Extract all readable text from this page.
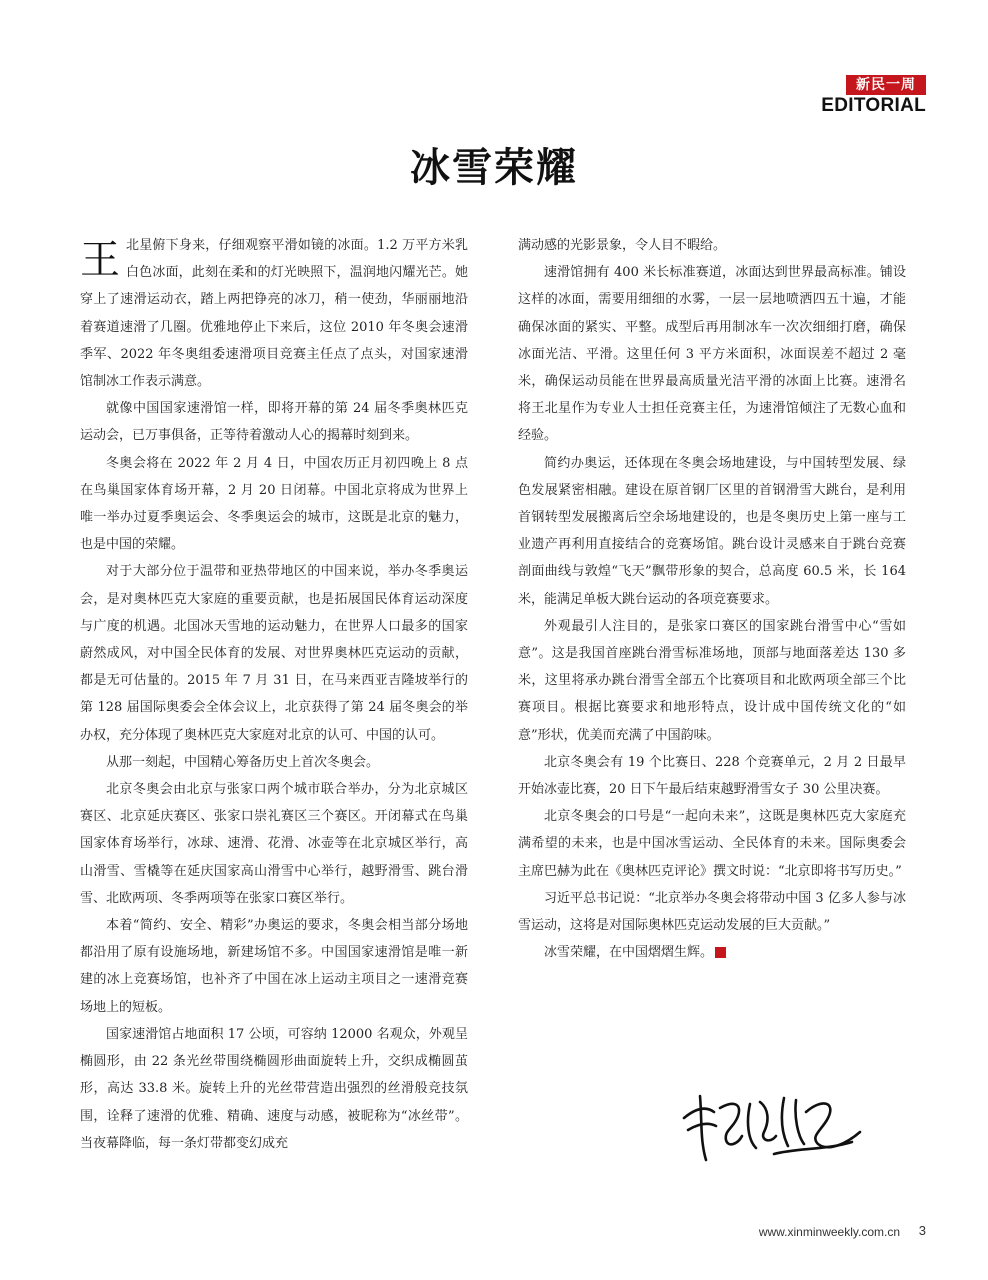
新民一周
EDITORIAL
冰雪荣耀

王 北星俯下身来，仔细观察平滑如镜的冰面。1.2 万平方米乳白色冰面，此刻在柔和的灯光映照下，温润地闪耀光芒。她穿上了速滑运动衣，踏上两把铮亮的冰刀，稍一使劲，华丽丽地沿着赛道速滑了几圈。优雅地停止下来后，这位 2010 年冬奥会速滑季军、2022 年冬奥组委速滑项目竞赛主任点了点头，对国家速滑馆制冰工作表示满意。

就像中国国家速滑馆一样，即将开幕的第 24 届冬季奥林匹克运动会，已万事俱备，正等待着激动人心的揭幕时刻到来。

冬奥会将在 2022 年 2 月 4 日，中国农历正月初四晚上 8 点在鸟巢国家体育场开幕，2 月 20 日闭幕。中国北京将成为世界上唯一举办过夏季奥运会、冬季奥运会的城市，这既是北京的魅力，也是中国的荣耀。

对于大部分位于温带和亚热带地区的中国来说，举办冬季奥运会，是对奥林匹克大家庭的重要贡献，也是拓展国民体育运动深度与广度的机遇。北国冰天雪地的运动魅力，在世界人口最多的国家蔚然成风，对中国全民体育的发展、对世界奥林匹克运动的贡献，都是无可估量的。2015 年 7 月 31 日，在马来西亚吉隆坡举行的第 128 届国际奥委会全体会议上，北京获得了第 24 届冬奥会的举办权，充分体现了奥林匹克大家庭对北京的认可、中国的认可。

从那一刻起，中国精心筹备历史上首次冬奥会。

北京冬奥会由北京与张家口两个城市联合举办，分为北京城区赛区、北京延庆赛区、张家口崇礼赛区三个赛区。开闭幕式在鸟巢国家体育场举行，冰球、速滑、花滑、冰壶等在北京城区举行，高山滑雪、雪橇等在延庆国家高山滑雪中心举行，越野滑雪、跳台滑雪、北欧两项、冬季两项等在张家口赛区举行。

本着“简约、安全、精彩”办奥运的要求，冬奥会相当部分场地都沿用了原有设施场地，新建场馆不多。中国国家速滑馆是唯一新建的冰上竞赛场馆，也补齐了中国在冰上运动主项目之一速滑竞赛场地上的短板。

国家速滑馆占地面积 17 公顷，可容纳 12000 名观众，外观呈椭圆形，由 22 条光丝带围绕椭圆形曲面旋转上升，交织成椭圆茧形，高达 33.8 米。旋转上升的光丝带营造出强烈的丝滑般竞技氛围，诠释了速滑的优雅、精确、速度与动感，被昵称为“冰丝带”。当夜幕降临，每一条灯带都变幻成充

满动感的光影景象，令人目不暇给。

速滑馆拥有 400 米长标准赛道，冰面达到世界最高标准。铺设这样的冰面，需要用细细的水雾，一层一层地喷洒四五十遍，才能确保冰面的紧实、平整。成型后再用制冰车一次次细细打磨，确保冰面光洁、平滑。这里任何 3 平方米面积，冰面误差不超过 2 毫米，确保运动员能在世界最高质量光洁平滑的冰面上比赛。速滑名将王北星作为专业人士担任竞赛主任，为速滑馆倾注了无数心血和经验。

简约办奥运，还体现在冬奥会场地建设，与中国转型发展、绿色发展紧密相融。建设在原首钢厂区里的首钢滑雪大跳台，是利用首钢转型发展搬离后空余场地建设的，也是冬奥历史上第一座与工业遗产再利用直接结合的竞赛场馆。跳台设计灵感来自于跳台竞赛剖面曲线与敦煌“飞天”飘带形象的契合，总高度 60.5 米，长 164 米，能满足单板大跳台运动的各项竞赛要求。

外观最引人注目的，是张家口赛区的国家跳台滑雪中心“雪如意”。这是我国首座跳台滑雪标准场地，顶部与地面落差达 130 多米，这里将承办跳台滑雪全部五个比赛项目和北欧两项全部三个比赛项目。根据比赛要求和地形特点，设计成中国传统文化的“如意”形状，优美而充满了中国韵味。

北京冬奥会有 19 个比赛日、228 个竞赛单元，2 月 2 日最早开始冰壶比赛，20 日下午最后结束越野滑雪女子 30 公里决赛。

北京冬奥会的口号是“一起向未来”，这既是奥林匹克大家庭充满希望的未来，也是中国冰雪运动、全民体育的未来。国际奥委会主席巴赫为此在《奥林匹克评论》撰文时说：“北京即将书写历史。”

习近平总书记说：“北京举办冬奥会将带动中国 3 亿多人参与冰雪运动，这将是对国际奥林匹克运动发展的巨大贡献。”

冰雪荣耀，在中国熠熠生辉。	民

www.xinminweekly.com.cn 3
